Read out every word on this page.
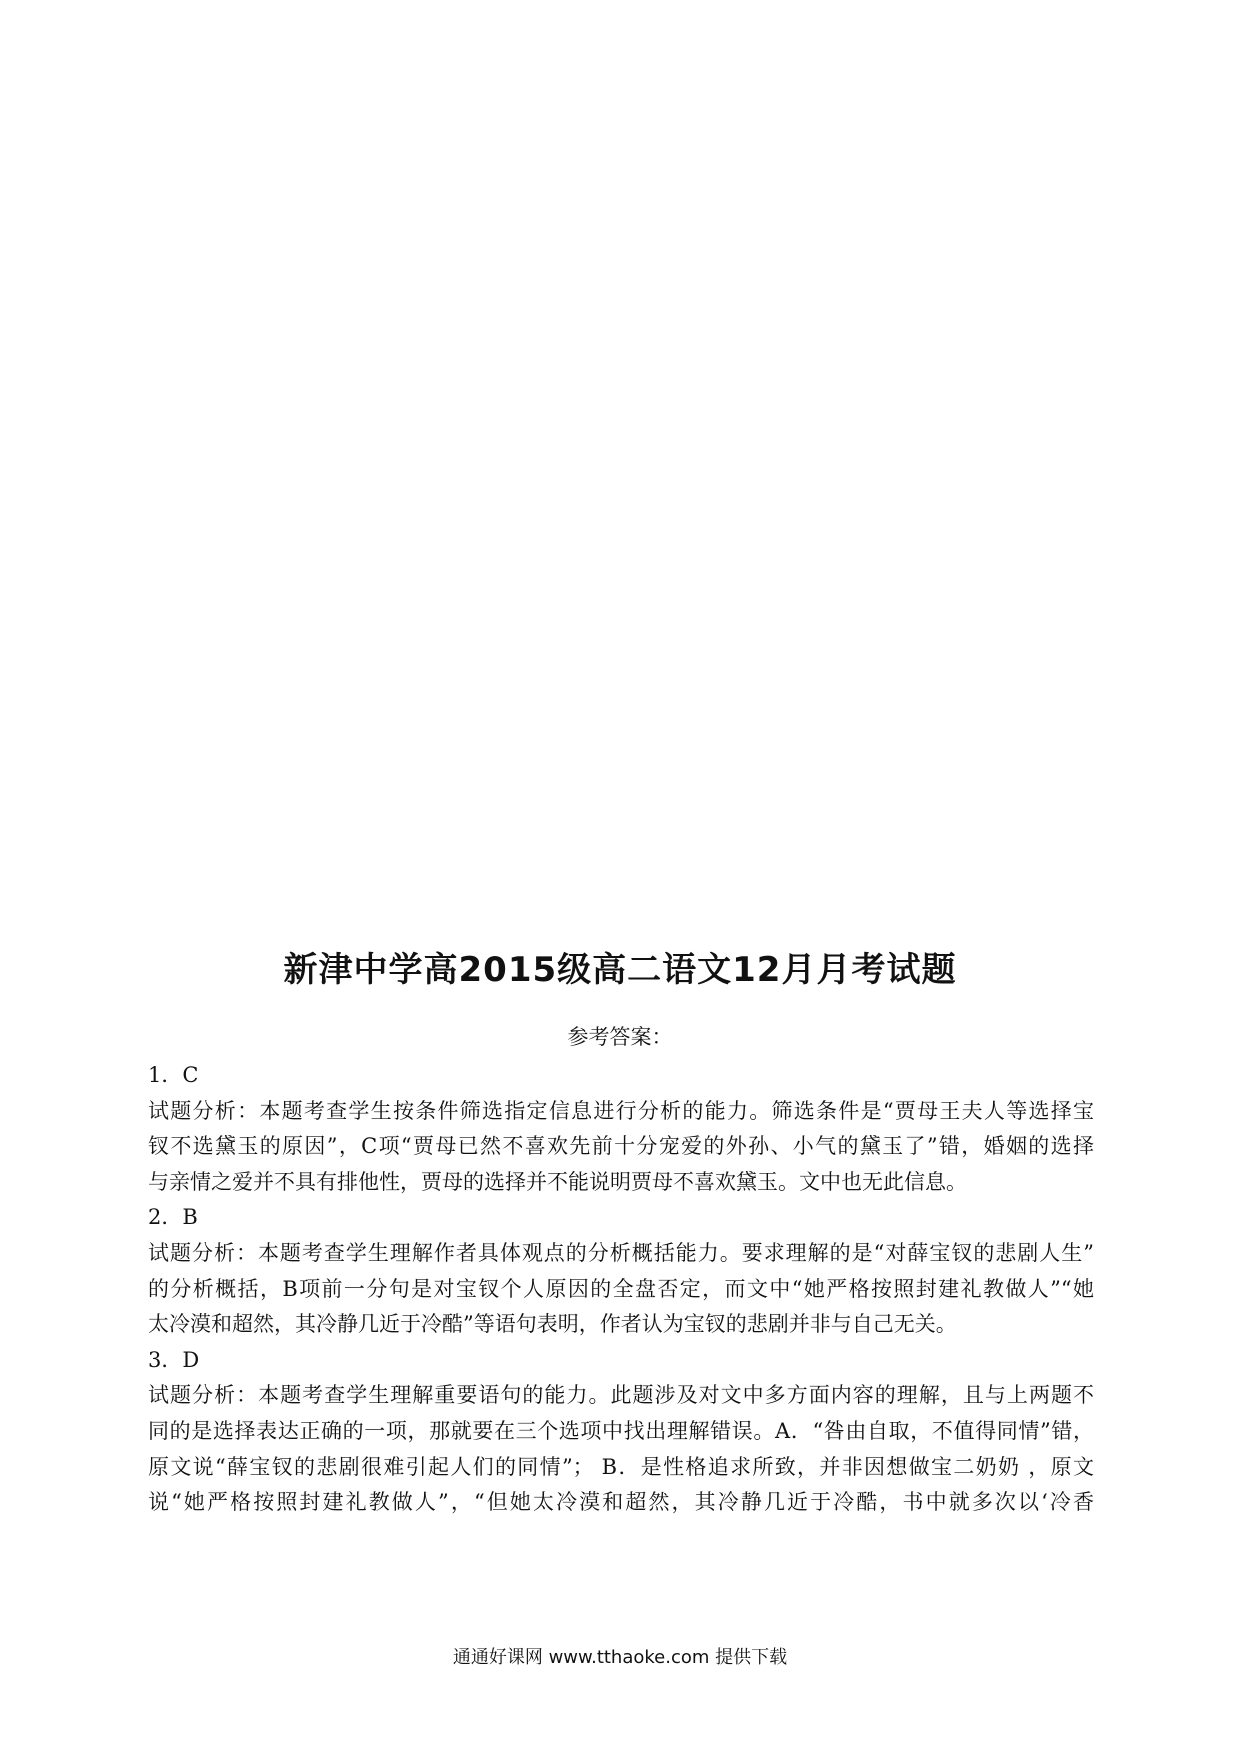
新津中学高2015级高二语文12月月考试题
参考答案：
1．C
试题分析：本题考查学生按条件筛选指定信息进行分析的能力。筛选条件是“贾母王夫人等选择宝
钗不选黛玉的原因”，C项“贾母已然不喜欢先前十分宠爱的外孙、小气的黛玉了”错，婚姻的选择
与亲情之爱并不具有排他性，贾母的选择并不能说明贾母不喜欢黛玉。文中也无此信息。
2．B
试题分析：本题考查学生理解作者具体观点的分析概括能力。要求理解的是“对薛宝钗的悲剧人生”
的分析概括，B项前一分句是对宝钗个人原因的全盘否定，而文中“她严格按照封建礼教做人”“她
太冷漠和超然，其冷静几近于冷酷”等语句表明，作者认为宝钗的悲剧并非与自己无关。
3．D
试题分析：本题考查学生理解重要语句的能力。此题涉及对文中多方面内容的理解，且与上两题不
同的是选择表达正确的一项，那就要在三个选项中找出理解错误。A．“咎由自取，不值得同情”错，
原文说“薛宝钗的悲剧很难引起人们的同情”； B．是性格追求所致，并非因想做宝二奶奶 ，原文
说“她严格按照封建礼教做人”，“但她太冷漠和超然，其冷静几近于冷酷，书中就多次以‘冷香
通通好课网 www.tthaoke.com 提供下载
